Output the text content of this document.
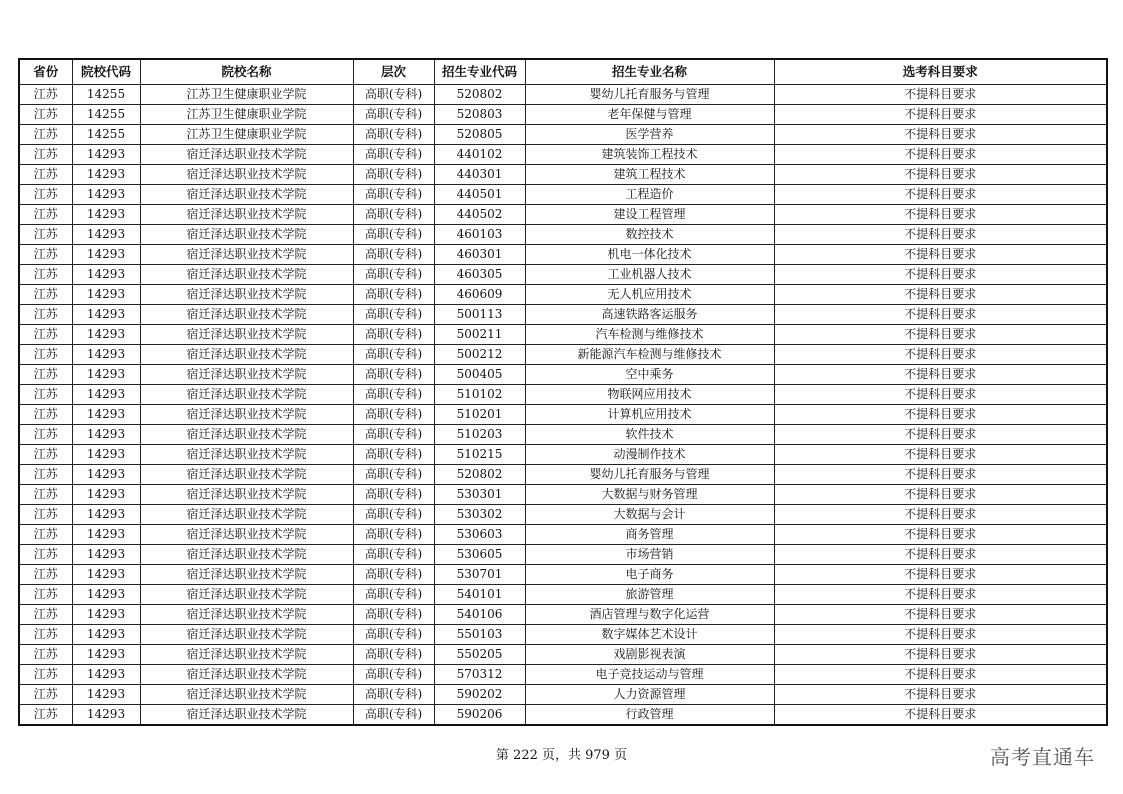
省份	院校代码	院校名称	层次	招生专业代码	招生专业名称	选考科目要求
江苏	14255	江苏卫生健康职业学院	高职(专科)	520802	婴幼儿托育服务与管理	不提科目要求
江苏	14255	江苏卫生健康职业学院	高职(专科)	520803	老年保健与管理	不提科目要求
江苏	14255	江苏卫生健康职业学院	高职(专科)	520805	医学营养	不提科目要求
江苏	14293	宿迁泽达职业技术学院	高职(专科)	440102	建筑装饰工程技术	不提科目要求
江苏	14293	宿迁泽达职业技术学院	高职(专科)	440301	建筑工程技术	不提科目要求
江苏	14293	宿迁泽达职业技术学院	高职(专科)	440501	工程造价	不提科目要求
江苏	14293	宿迁泽达职业技术学院	高职(专科)	440502	建设工程管理	不提科目要求
江苏	14293	宿迁泽达职业技术学院	高职(专科)	460103	数控技术	不提科目要求
江苏	14293	宿迁泽达职业技术学院	高职(专科)	460301	机电一体化技术	不提科目要求
江苏	14293	宿迁泽达职业技术学院	高职(专科)	460305	工业机器人技术	不提科目要求
江苏	14293	宿迁泽达职业技术学院	高职(专科)	460609	无人机应用技术	不提科目要求
江苏	14293	宿迁泽达职业技术学院	高职(专科)	500113	高速铁路客运服务	不提科目要求
江苏	14293	宿迁泽达职业技术学院	高职(专科)	500211	汽车检测与维修技术	不提科目要求
江苏	14293	宿迁泽达职业技术学院	高职(专科)	500212	新能源汽车检测与维修技术	不提科目要求
江苏	14293	宿迁泽达职业技术学院	高职(专科)	500405	空中乘务	不提科目要求
江苏	14293	宿迁泽达职业技术学院	高职(专科)	510102	物联网应用技术	不提科目要求
江苏	14293	宿迁泽达职业技术学院	高职(专科)	510201	计算机应用技术	不提科目要求
江苏	14293	宿迁泽达职业技术学院	高职(专科)	510203	软件技术	不提科目要求
江苏	14293	宿迁泽达职业技术学院	高职(专科)	510215	动漫制作技术	不提科目要求
江苏	14293	宿迁泽达职业技术学院	高职(专科)	520802	婴幼儿托育服务与管理	不提科目要求
江苏	14293	宿迁泽达职业技术学院	高职(专科)	530301	大数据与财务管理	不提科目要求
江苏	14293	宿迁泽达职业技术学院	高职(专科)	530302	大数据与会计	不提科目要求
江苏	14293	宿迁泽达职业技术学院	高职(专科)	530603	商务管理	不提科目要求
江苏	14293	宿迁泽达职业技术学院	高职(专科)	530605	市场营销	不提科目要求
江苏	14293	宿迁泽达职业技术学院	高职(专科)	530701	电子商务	不提科目要求
江苏	14293	宿迁泽达职业技术学院	高职(专科)	540101	旅游管理	不提科目要求
江苏	14293	宿迁泽达职业技术学院	高职(专科)	540106	酒店管理与数字化运营	不提科目要求
江苏	14293	宿迁泽达职业技术学院	高职(专科)	550103	数字媒体艺术设计	不提科目要求
江苏	14293	宿迁泽达职业技术学院	高职(专科)	550205	戏剧影视表演	不提科目要求
江苏	14293	宿迁泽达职业技术学院	高职(专科)	570312	电子竞技运动与管理	不提科目要求
江苏	14293	宿迁泽达职业技术学院	高职(专科)	590202	人力资源管理	不提科目要求
江苏	14293	宿迁泽达职业技术学院	高职(专科)	590206	行政管理	不提科目要求
第 222 页，共 979 页	高考直通车
